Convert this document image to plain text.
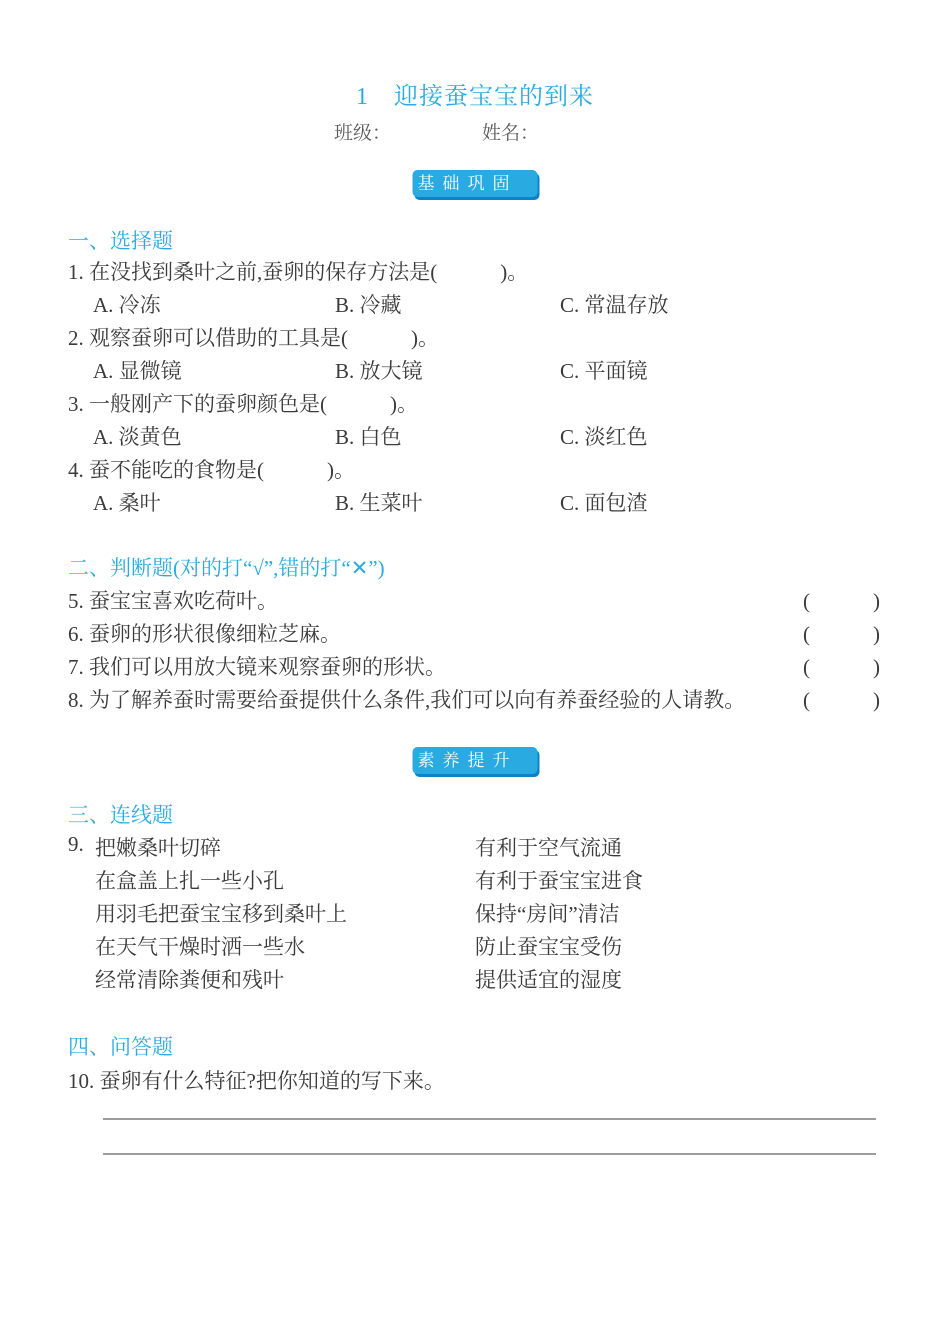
1　迎接蚕宝宝的到来
班级：	姓名：
基础巩固
一、选择题
1. 在没找到桑叶之前,蚕卵的保存方法是(　　　)。
A. 冷冻	B. 冷藏	C. 常温存放
2. 观察蚕卵可以借助的工具是(　　　)。
A. 显微镜	B. 放大镜	C. 平面镜
3. 一般刚产下的蚕卵颜色是(　　　)。
A. 淡黄色	B. 白色	C. 淡红色
4. 蚕不能吃的食物是(　　　)。
A. 桑叶	B. 生菜叶	C. 面包渣
二、判断题(对的打“√”,错的打“✕”)
5. 蚕宝宝喜欢吃荷叶。	(　　　)
6. 蚕卵的形状很像细粒芝麻。	(　　　)
7. 我们可以用放大镜来观察蚕卵的形状。	(　　　)
8. 为了解养蚕时需要给蚕提供什么条件,我们可以向有养蚕经验的人请教。	(　　　)
素养提升
三、连线题
9. 把嫩桑叶切碎	有利于空气流通
在盒盖上扎一些小孔	有利于蚕宝宝进食
用羽毛把蚕宝宝移到桑叶上	保持“房间”清洁
在天气干燥时洒一些水	防止蚕宝宝受伤
经常清除粪便和残叶	提供适宜的湿度
四、问答题
10. 蚕卵有什么特征?把你知道的写下来。
